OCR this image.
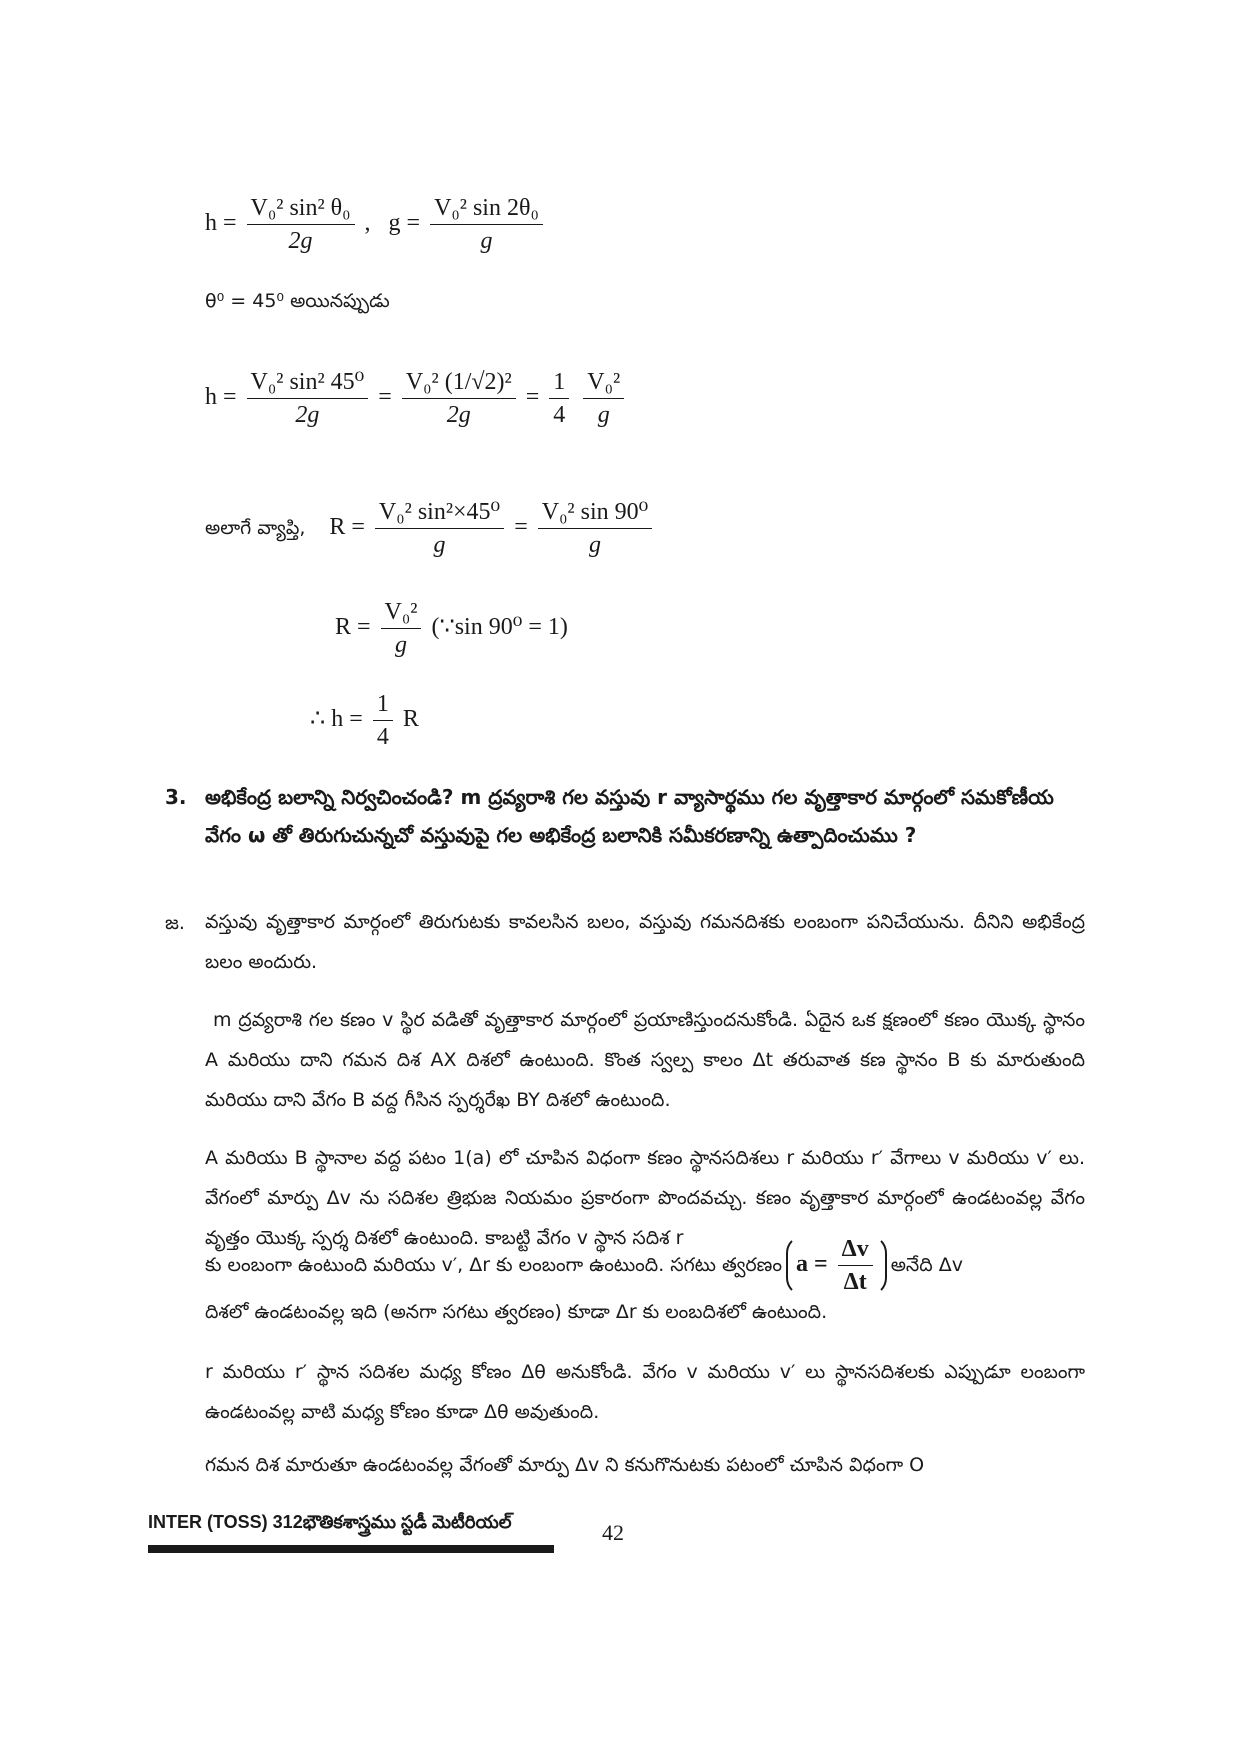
$h = \frac{\text{V₀² sin² θ₀}}{2g}$ , $g = \frac{\text{V₀² sin 2θ₀}}{g}$
θ⁰ = 45⁰ అయినప్పుడు
$h = \frac{\text{V₀² sin² 45⁰}}{2g} = \frac{\text{V₀² (1/√2)²}}{2g} = \frac{1}{4}$
$\frac{\text{V₀²}}{g}$
అలాగే వ్యాప్తి, $R = \frac{\text{V₀² sin²×45⁰}}{g} = \frac{\text{V₀² sin 90⁰}}{g}$
$R = \frac{\text{V₀²}}{g}$ (∵sin 90⁰ = 1)
∴ $h = \frac{1}{4}$ R
3. అభికేంద్ర బలాన్ని నిర్వచించండి? m ద్రవ్యరాశి గల వస్తువు r వ్యాసార్థము గల వృత్తాకార మార్గంలో సమకోణీయ వేగం ω తో తిరుగుచున్నచో వస్తువుపై గల అభికేంద్ర బలానికి సమీకరణాన్ని ఉత్పాదించుము ?
జ. వస్తువు వృత్తాకార మార్గంలో తిరుగుటకు కావలసిన బలం, వస్తువు గమనదిశకు లంబంగా పనిచేయును. దీనిని అభికేంద్ర బలం అందురు.

m ద్రవ్యరాశి గల కణం v స్థిర వడితో వృత్తాకార మార్గంలో ప్రయాణిస్తుందనుకోండి. ఏదైన ఒక క్షణంలో కణం యొక్క స్థానం A మరియు దాని గమన దిశ AX దిశలో ఉంటుంది. కొంత స్వల్ప కాలం Δt తరువాత కణ స్థానం B కు మారుతుంది మరియు దాని వేగం B వద్ద గీసిన స్పర్శరేఖ BY దిశలో ఉంటుంది.

A మరియు B స్థానాల వద్ద పటం 1(a) లో చూపిన విధంగా కణం స్థానసదిశలు r మరియు r′ వేగాలు v మరియు v′ లు. వేగంలో మార్పు Δv ను సదిశల త్రిభుజ నియమం ప్రకారంగా పొందవచ్చు. కణం వృత్తాకార మార్గంలో ఉండటంవల్ల వేగం వృత్తం యొక్క స్పర్శ దిశలో ఉంటుంది. కాబట్టి వేగం v స్థాన సదిశ r

కు లంబంగా ఉంటుంది మరియు v′, Δr కు లంబంగా ఉంటుంది. సగటు త్వరణం $a = \frac{\Delta v}{\Delta t}$ అనేది Δv

దిశలో ఉండటంవల్ల ఇది (అనగా సగటు త్వరణం) కూడా Δr కు లంబదిశలో ఉంటుంది.

r మరియు r′ స్థాన సదిశల మధ్య కోణం Δθ అనుకోండి. వేగం v మరియు v′ లు స్థానసదిశలకు ఎప్పుడూ లంబంగా ఉండటంవల్ల వాటి మధ్య కోణం కూడా Δθ అవుతుంది.

గమన దిశ మారుతూ ఉండటంవల్ల వేగంతో మార్పు Δv ని కనుగొనుటకు పటంలో చూపిన విధంగా O

INTER (TOSS) 312భౌతికశాస్త్రము స్టడీ మెటీరియల్	42
